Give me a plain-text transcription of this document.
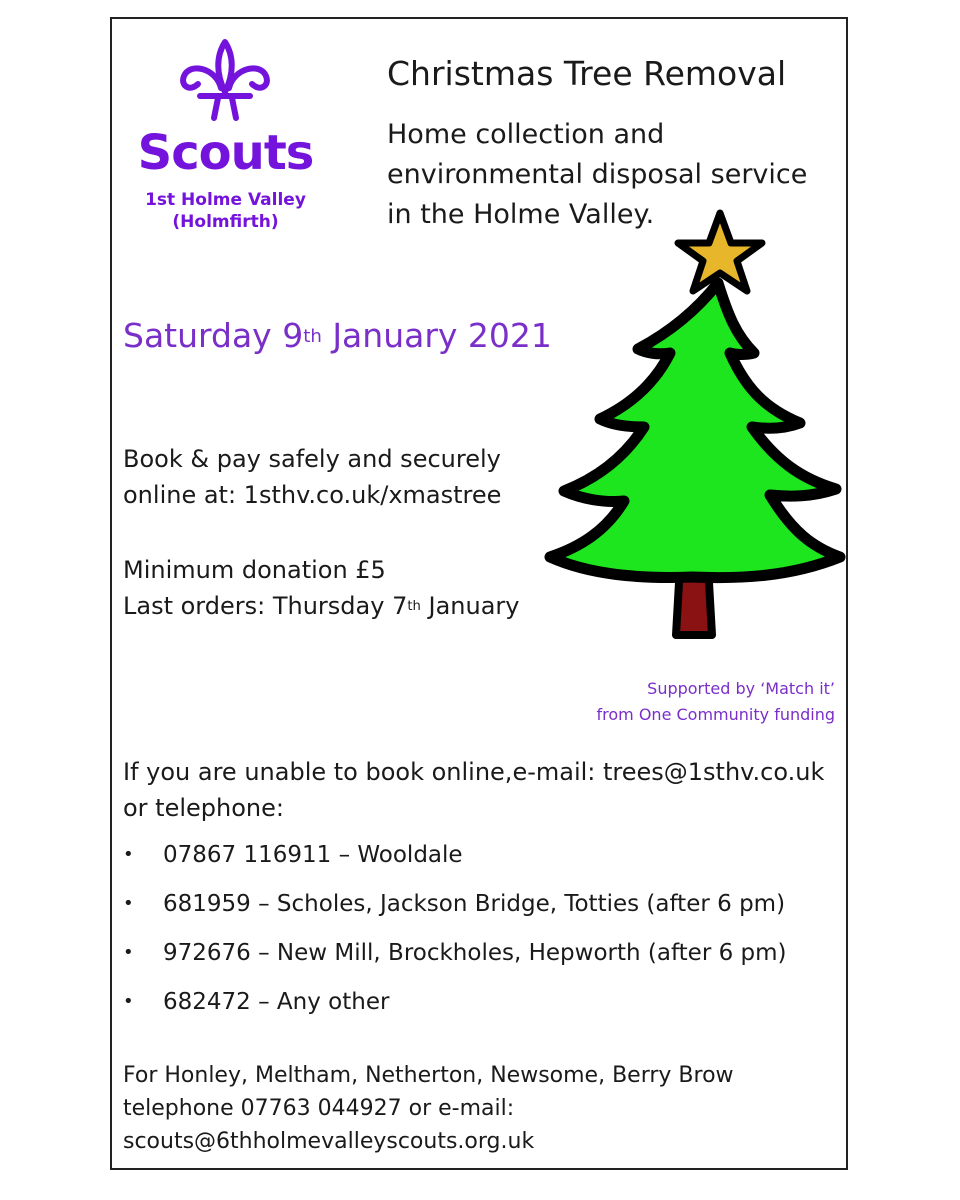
Scouts
1st Holme Valley
(Holmfirth)
Christmas Tree Removal
Home collection and environmental disposal service in the Holme Valley.
Saturday 9th January 2021
Book & pay safely and securely
online at: 1sthv.co.uk/xmastree
Minimum donation £5
Last orders: Thursday 7th January
Supported by ‘Match it’
from One Community funding
If you are unable to book online,e-mail: trees@1sthv.co.uk
or telephone:
• 07867 116911 – Wooldale
• 681959 – Scholes, Jackson Bridge, Totties (after 6 pm)
• 972676 – New Mill, Brockholes, Hepworth (after 6 pm)
• 682472 – Any other
For Honley, Meltham, Netherton, Newsome, Berry Brow
telephone 07763 044927 or e-mail:
scouts@6thholmevalleyscouts.org.uk
